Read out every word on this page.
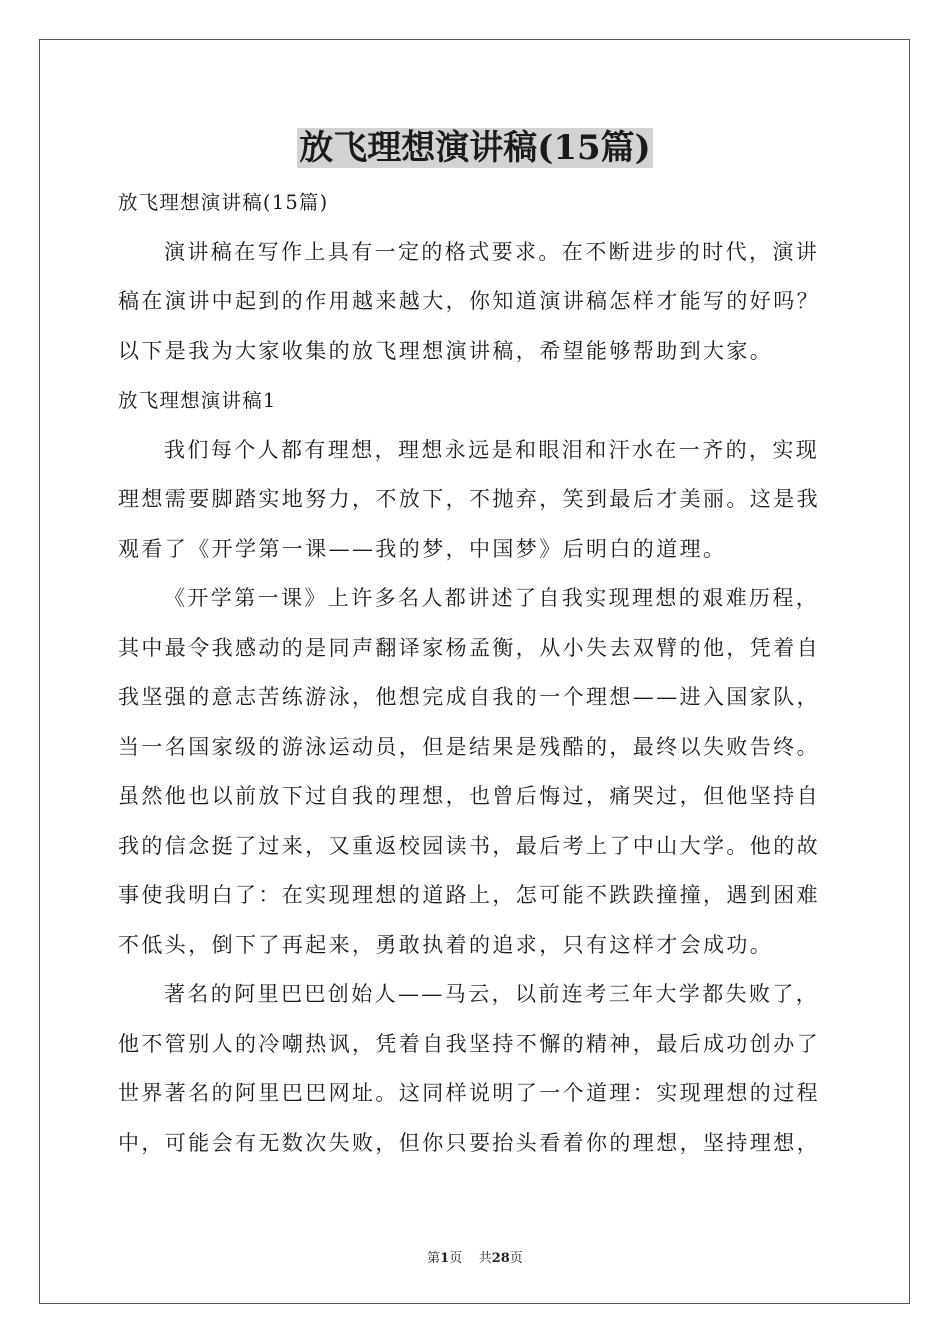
放飞理想演讲稿(15篇)
放飞理想演讲稿(15篇)
演讲稿在写作上具有一定的格式要求。在不断进步的时代，演讲
稿在演讲中起到的作用越来越大，你知道演讲稿怎样才能写的好吗？
以下是我为大家收集的放飞理想演讲稿，希望能够帮助到大家。
放飞理想演讲稿1
我们每个人都有理想，理想永远是和眼泪和汗水在一齐的，实现
理想需要脚踏实地努力，不放下，不抛弃，笑到最后才美丽。这是我
观看了《开学第一课——我的梦，中国梦》后明白的道理。
《开学第一课》上许多名人都讲述了自我实现理想的艰难历程，
其中最令我感动的是同声翻译家杨孟衡，从小失去双臂的他，凭着自
我坚强的意志苦练游泳，他想完成自我的一个理想——进入国家队，
当一名国家级的游泳运动员，但是结果是残酷的，最终以失败告终。
虽然他也以前放下过自我的理想，也曾后悔过，痛哭过，但他坚持自
我的信念挺了过来，又重返校园读书，最后考上了中山大学。他的故
事使我明白了：在实现理想的道路上，怎可能不跌跌撞撞，遇到困难
不低头，倒下了再起来，勇敢执着的追求，只有这样才会成功。
著名的阿里巴巴创始人——马云，以前连考三年大学都失败了，
他不管别人的冷嘲热讽，凭着自我坚持不懈的精神，最后成功创办了
世界著名的阿里巴巴网址。这同样说明了一个道理：实现理想的过程
中，可能会有无数次失败，但你只要抬头看着你的理想，坚持理想，
第1页 共28页
